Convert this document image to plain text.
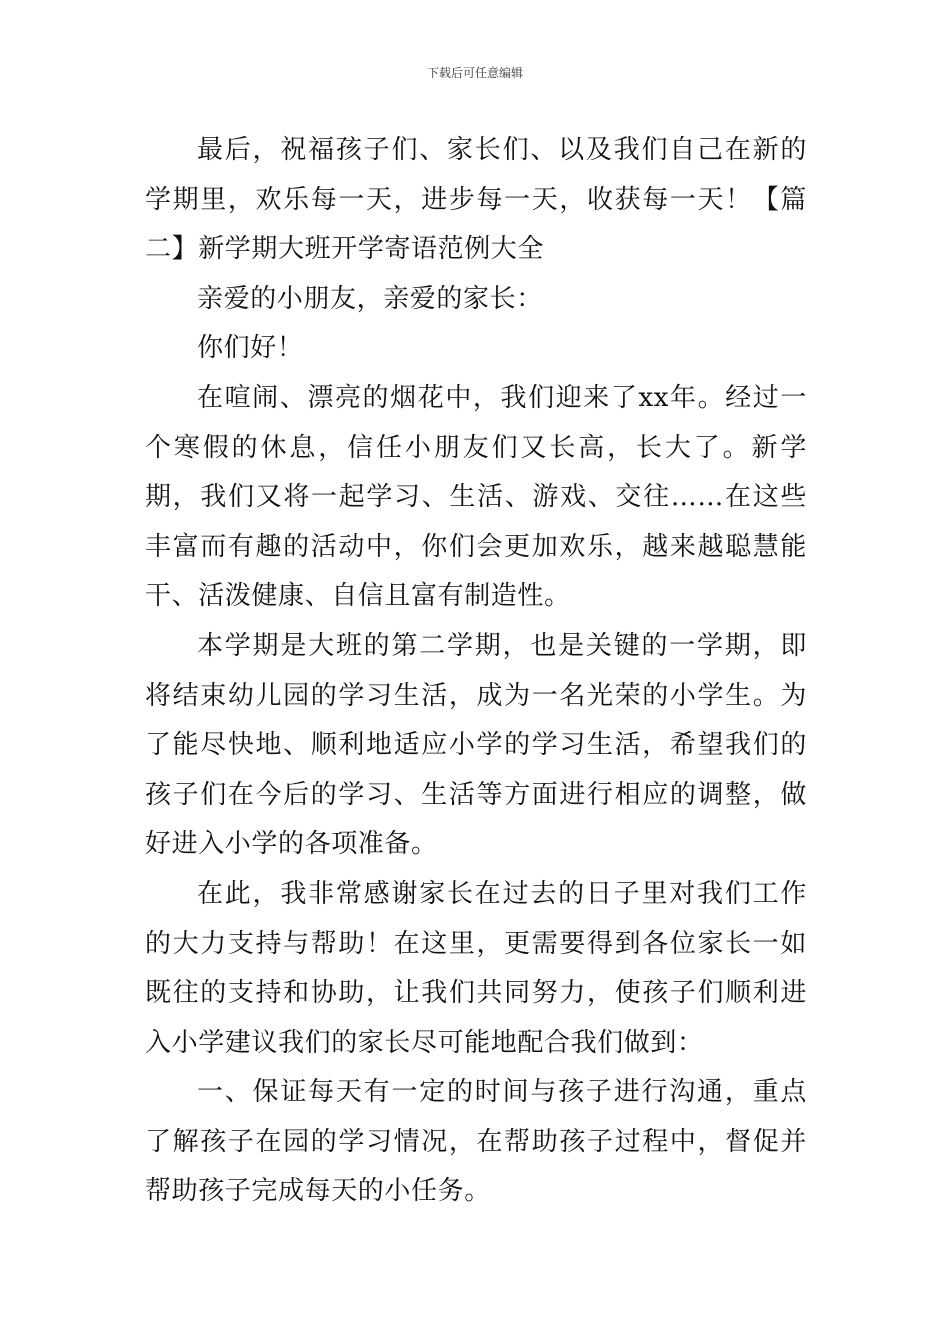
下载后可任意编辑

最后，祝福孩子们、家长们、以及我们自己在新的学期里，欢乐每一天，进步每一天，收获每一天！【篇二】新学期大班开学寄语范例大全

亲爱的小朋友，亲爱的家长：

你们好！

在喧闹、漂亮的烟花中，我们迎来了xx年。经过一个寒假的休息，信任小朋友们又长高，长大了。新学期，我们又将一起学习、生活、游戏、交往……在这些丰富而有趣的活动中，你们会更加欢乐，越来越聪慧能干、活泼健康、自信且富有制造性。

本学期是大班的第二学期，也是关键的一学期，即将结束幼儿园的学习生活，成为一名光荣的小学生。为了能尽快地、顺利地适应小学的学习生活，希望我们的孩子们在今后的学习、生活等方面进行相应的调整，做好进入小学的各项准备。

在此，我非常感谢家长在过去的日子里对我们工作的大力支持与帮助！在这里，更需要得到各位家长一如既往的支持和协助，让我们共同努力，使孩子们顺利进入小学建议我们的家长尽可能地配合我们做到：

一、保证每天有一定的时间与孩子进行沟通，重点了解孩子在园的学习情况，在帮助孩子过程中，督促并帮助孩子完成每天的小任务。
